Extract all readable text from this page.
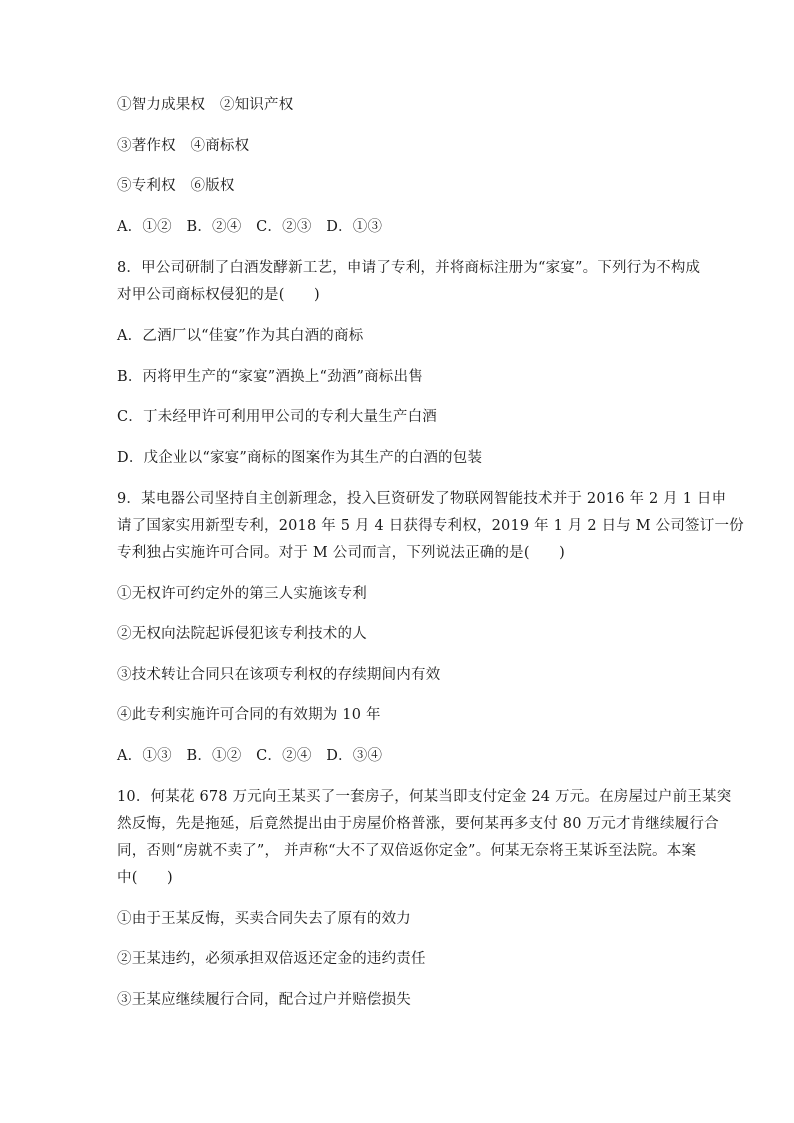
①智力成果权　②知识产权
③著作权　④商标权
⑤专利权　⑥版权
A．①②　B．②④　C．②③　D．①③
8．甲公司研制了白酒发酵新工艺，申请了专利，并将商标注册为“家宴”。下列行为不构成
对甲公司商标权侵犯的是(　　)
A．乙酒厂以“佳宴”作为其白酒的商标
B．丙将甲生产的“家宴”酒换上“劲酒”商标出售
C．丁未经甲许可利用甲公司的专利大量生产白酒
D．戊企业以“家宴”商标的图案作为其生产的白酒的包装
9．某电器公司坚持自主创新理念，投入巨资研发了物联网智能技术并于 2016 年 2 月 1 日申
请了国家实用新型专利，2018 年 5 月 4 日获得专利权，2019 年 1 月 2 日与 M 公司签订一份
专利独占实施许可合同。对于 M 公司而言，下列说法正确的是(　　)
①无权许可约定外的第三人实施该专利
②无权向法院起诉侵犯该专利技术的人
③技术转让合同只在该项专利权的存续期间内有效
④此专利实施许可合同的有效期为 10 年
A．①③　B．①②　C．②④　D．③④
10．何某花 678 万元向王某买了一套房子，何某当即支付定金 24 万元。在房屋过户前王某突
然反悔，先是拖延，后竟然提出由于房屋价格普涨，要何某再多支付 80 万元才肯继续履行合
同，否则“房就不卖了”， 并声称“大不了双倍返你定金”。何某无奈将王某诉至法院。本案
中(　　)
①由于王某反悔，买卖合同失去了原有的效力
②王某违约，必须承担双倍返还定金的违约责任
③王某应继续履行合同，配合过户并赔偿损失
